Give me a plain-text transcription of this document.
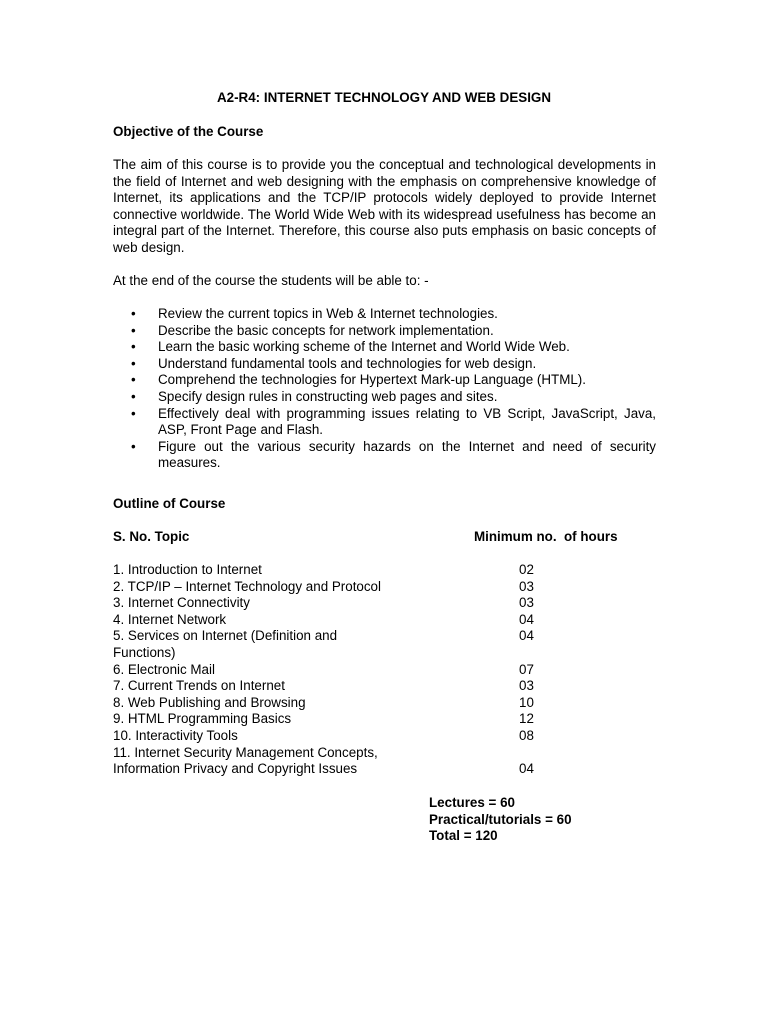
A2-R4: INTERNET TECHNOLOGY AND WEB DESIGN
Objective of the Course
The aim of this course is to provide you the conceptual and technological developments in the field of Internet and web designing with the emphasis on comprehensive knowledge of Internet, its applications and the TCP/IP protocols widely deployed to provide Internet connective worldwide. The World Wide Web with its widespread usefulness has become an integral part of the Internet. Therefore, this course also puts emphasis on basic concepts of web design.
At the end of the course the students will be able to: -
• Review the current topics in Web & Internet technologies.
• Describe the basic concepts for network implementation.
• Learn the basic working scheme of the Internet and World Wide Web.
• Understand fundamental tools and technologies for web design.
• Comprehend the technologies for Hypertext Mark-up Language (HTML).
• Specify design rules in constructing web pages and sites.
• Effectively deal with programming issues relating to VB Script, JavaScript, Java, ASP, Front Page and Flash.
• Figure out the various security hazards on the Internet and need of security measures.
Outline of Course
S. No. Topic	Minimum no.  of hours
1. Introduction to Internet	02
2. TCP/IP – Internet Technology and Protocol	03
3. Internet Connectivity	03
4. Internet Network	04
5. Services on Internet (Definition and	04
Functions)
6. Electronic Mail	07
7. Current Trends on Internet	03
8. Web Publishing and Browsing	10
9. HTML Programming Basics	12
10. Interactivity Tools	08
11. Internet Security Management Concepts,
Information Privacy and Copyright Issues	04
Lectures = 60
Practical/tutorials = 60
Total = 120
